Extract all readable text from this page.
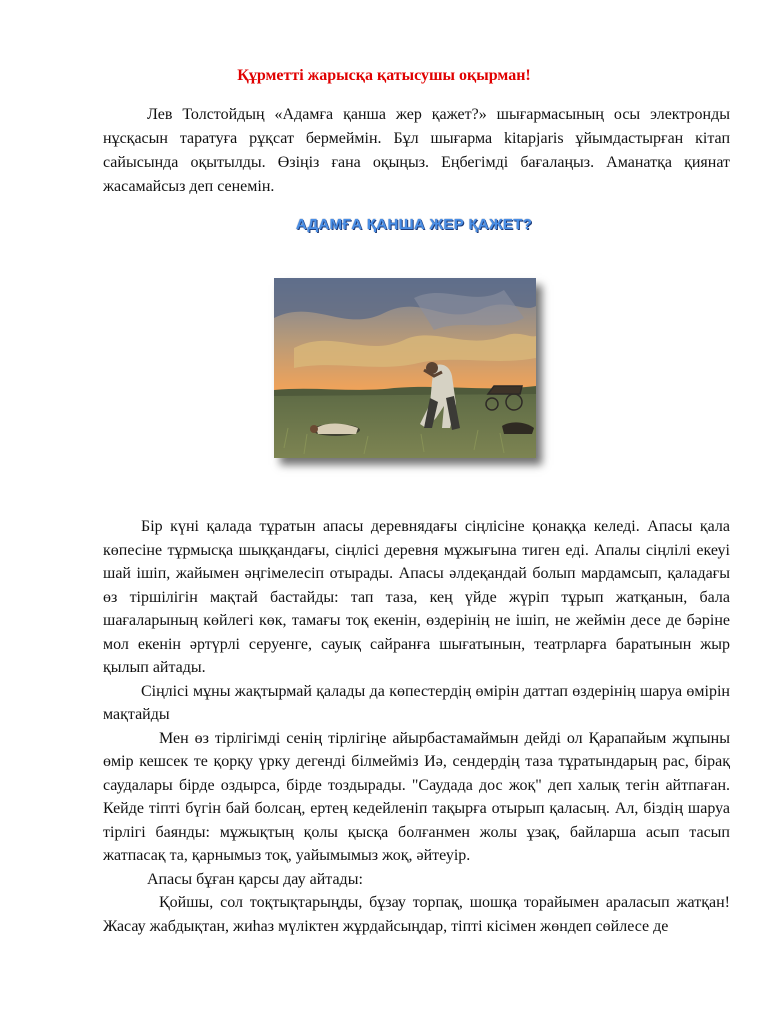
Құрметті жарысқа қатысушы оқырман!

Лев Толстойдың «Адамға қанша жер қажет?» шығармасының осы электронды нұсқасын таратуға рұқсат бермеймін. Бұл шығарма kitapjaris ұйымдастырған кітап сайысында оқытылды. Өзіңіз ғана оқыңыз. Еңбегімді бағалаңыз. Аманатқа қиянат жасамайсыз деп сенемін.

АДАМҒА ҚАНША ЖЕР ҚАЖЕТ?

Бір күні қалада тұратын апасы деревнядағы сіңлісіне қонаққа келеді. Апасы қала көпесіне тұрмысқа шыққандағы, сіңлісі деревня мұжығына тиген еді. Апалы сіңлілі екеуі шай ішіп, жайымен әңгімелесіп отырады. Апасы әлдеқандай болып мардамсып, қаладағы өз тіршілігін мақтай бастайды: тап таза, кең үйде жүріп тұрып жатқанын, бала шағаларының көйлегі көк, тамағы тоқ екенін, өздерінің не ішіп, не жеймін десе де бәріне мол екенін әртүрлі серуенге, сауық сайранға шығатынын, театрларға баратынын жыр қылып айтады.

Сіңлісі мұны жақтырмай қалады да көпестердің өмірін даттап өздерінің шаруа өмірін мақтайды

Мен өз тірлігімді сенің тірлігіңе айырбастамаймын дейді ол Қарапайым жұпыны өмір кешсек те қорқу үрку дегенді білмейміз Иә, сендердің таза тұратындарың рас, бірақ саудалары бірде оздырса, бірде тоздырады. "Саудада дос жоқ" деп халық тегін айтпаған. Кейде тіпті бүгін бай болсаң, ертең кедейленіп тақырға отырып қаласың. Ал, біздің шаруа тірлігі баянды: мұжықтың қолы қысқа болғанмен жолы ұзақ, байларша асып тасып жатпасақ та, қарнымыз тоқ, уайымымыз жоқ, әйтеуір.

Апасы бұған қарсы дау айтады:

Қойшы, сол тоқтықтарыңды, бұзау торпақ, шошқа торайымен араласып жатқан! Жасау жабдықтан, жиһаз мүліктен жұрдайсыңдар, тіпті кісімен жөндеп сөйлесе де
